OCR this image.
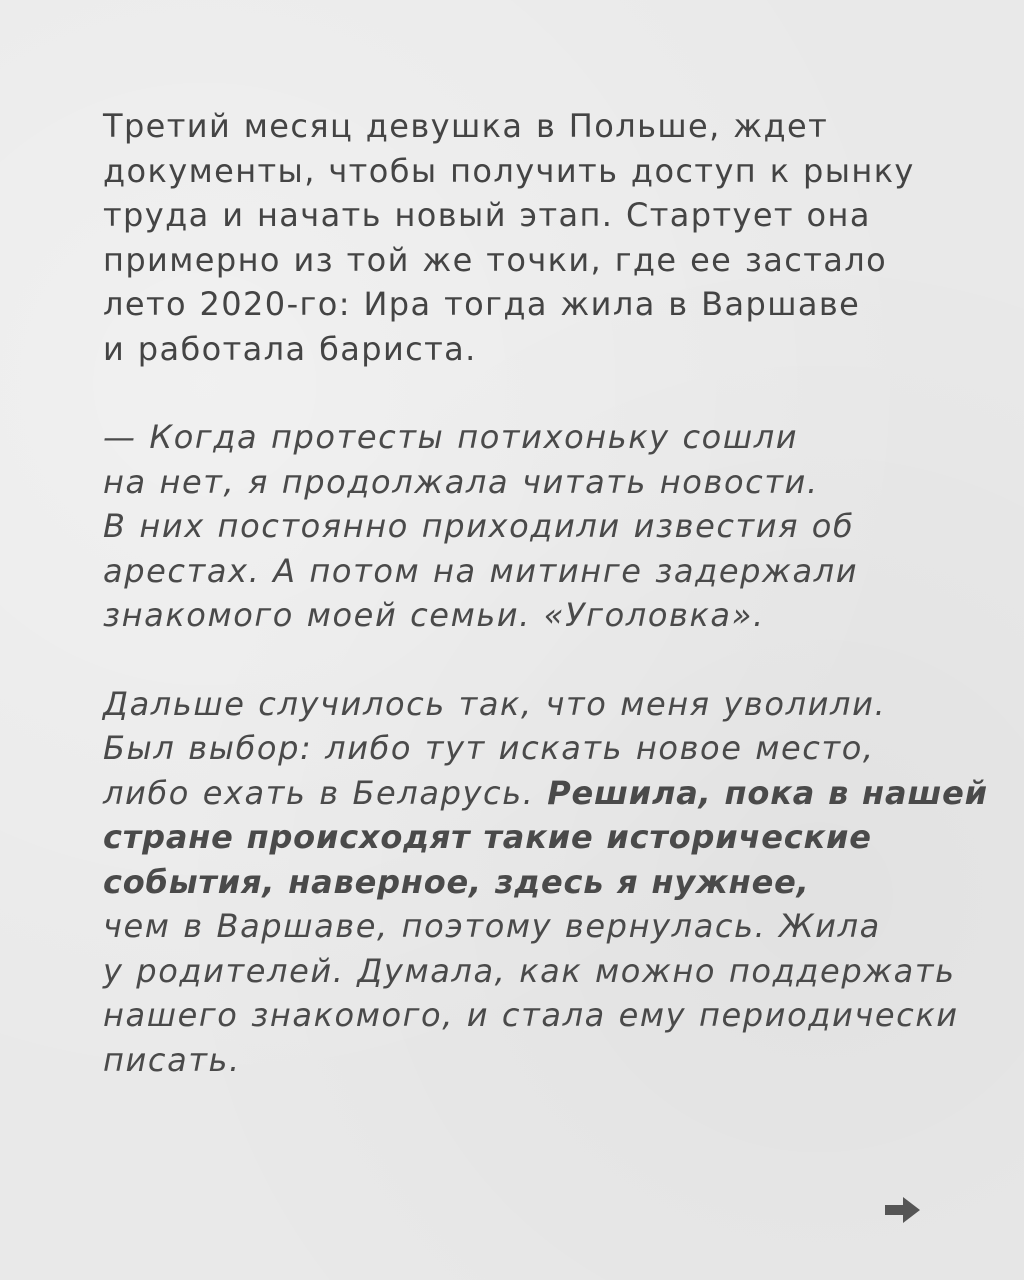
Третий месяц девушка в Польше, ждет
документы, чтобы получить доступ к рынку
труда и начать новый этап. Стартует она
примерно из той же точки, где ее застало
лето 2020-го: Ира тогда жила в Варшаве
и работала бариста.

— Когда протесты потихоньку сошли
на нет, я продолжала читать новости.
В них постоянно приходили известия об
арестах. А потом на митинге задержали
знакомого моей семьи. «Уголовка».

Дальше случилось так, что меня уволили.
Был выбор: либо тут искать новое место,
либо ехать в Беларусь. Решила, пока в нашей
стране происходят такие исторические
события, наверное, здесь я нужнее,
чем в Варшаве, поэтому вернулась. Жила
у родителей. Думала, как можно поддержать
нашего знакомого, и стала ему периодически
писать.
